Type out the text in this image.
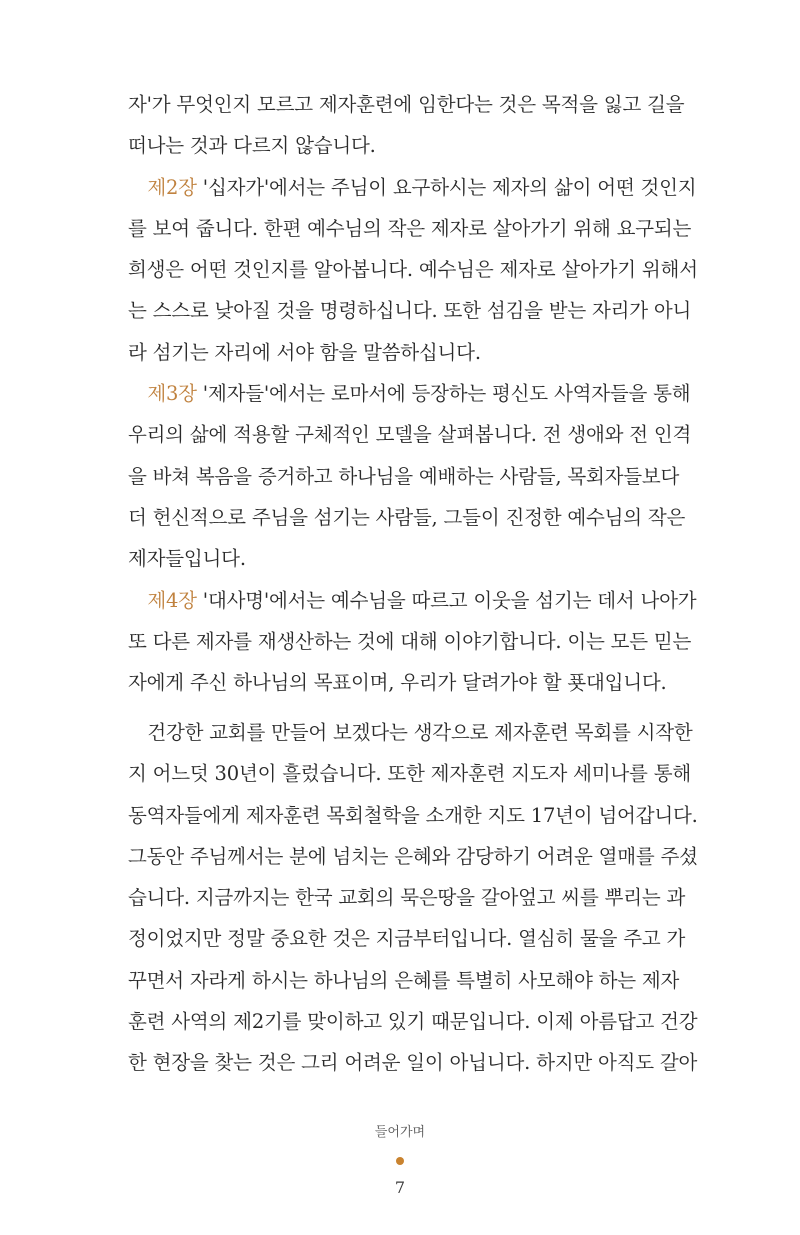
자'가 무엇인지 모르고 제자훈련에 임한다는 것은 목적을 잃고 길을
떠나는 것과 다르지 않습니다.
　제2장 '십자가'에서는 주님이 요구하시는 제자의 삶이 어떤 것인지
를 보여 줍니다. 한편 예수님의 작은 제자로 살아가기 위해 요구되는
희생은 어떤 것인지를 알아봅니다. 예수님은 제자로 살아가기 위해서
는 스스로 낮아질 것을 명령하십니다. 또한 섬김을 받는 자리가 아니
라 섬기는 자리에 서야 함을 말씀하십니다.
　제3장 '제자들'에서는 로마서에 등장하는 평신도 사역자들을 통해
우리의 삶에 적용할 구체적인 모델을 살펴봅니다. 전 생애와 전 인격
을 바쳐 복음을 증거하고 하나님을 예배하는 사람들, 목회자들보다
더 헌신적으로 주님을 섬기는 사람들, 그들이 진정한 예수님의 작은
제자들입니다.
　제4장 '대사명'에서는 예수님을 따르고 이웃을 섬기는 데서 나아가
또 다른 제자를 재생산하는 것에 대해 이야기합니다. 이는 모든 믿는
자에게 주신 하나님의 목표이며, 우리가 달려가야 할 푯대입니다.
　건강한 교회를 만들어 보겠다는 생각으로 제자훈련 목회를 시작한
지 어느덧 30년이 흘렀습니다. 또한 제자훈련 지도자 세미나를 통해
동역자들에게 제자훈련 목회철학을 소개한 지도 17년이 넘어갑니다.
그동안 주님께서는 분에 넘치는 은혜와 감당하기 어려운 열매를 주셨
습니다. 지금까지는 한국 교회의 묵은땅을 갈아엎고 씨를 뿌리는 과
정이었지만 정말 중요한 것은 지금부터입니다. 열심히 물을 주고 가
꾸면서 자라게 하시는 하나님의 은혜를 특별히 사모해야 하는 제자
훈련 사역의 제2기를 맞이하고 있기 때문입니다. 이제 아름답고 건강
한 현장을 찾는 것은 그리 어려운 일이 아닙니다. 하지만 아직도 갈아
들어가며
7
